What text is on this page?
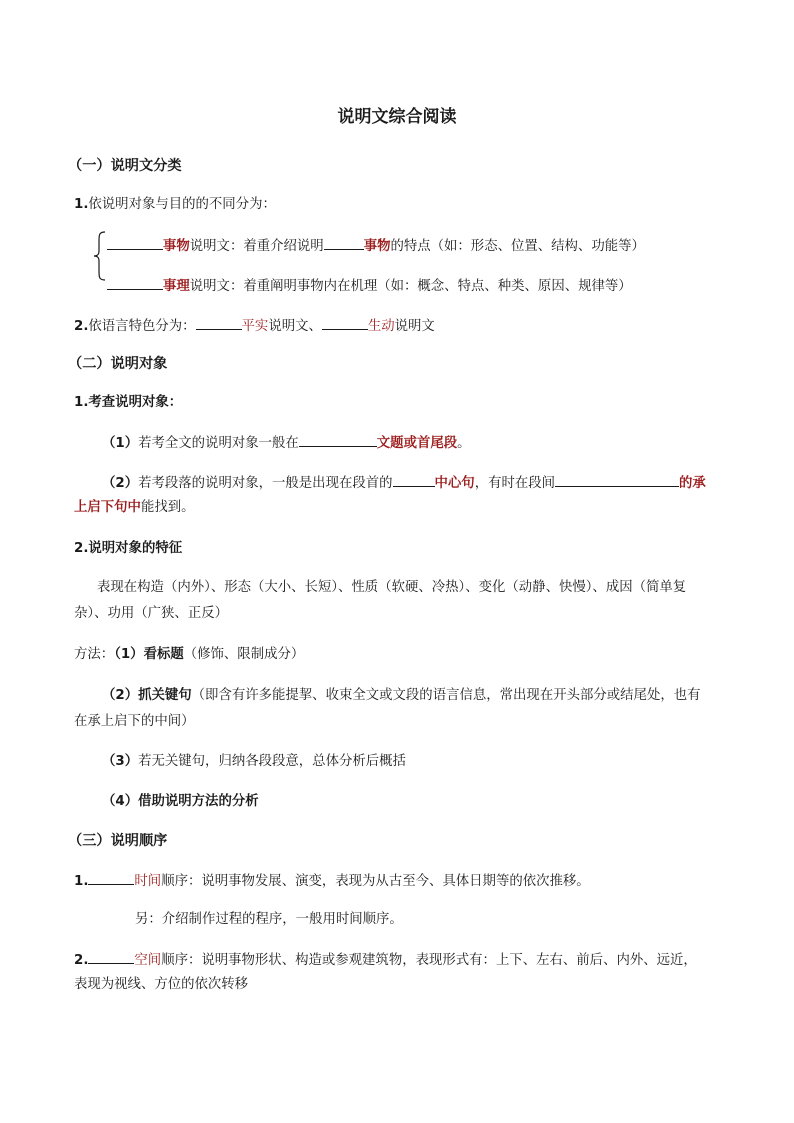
说明文综合阅读
（一）说明文分类
1.依说明对象与目的的不同分为：
事物说明文：着重介绍说明	事物的特点（如：形态、位置、结构、功能等）
事理说明文：着重阐明事物内在机理（如：概念、特点、种类、原因、规律等）
2.依语言特色分为：	平实说明文、	生动说明文
（二）说明对象
1.考查说明对象：
（1）若考全文的说明对象一般在	文题或首尾段。
（2）若考段落的说明对象，一般是出现在段首的	中心句，有时在段间	的承
上启下句中能找到。
2.说明对象的特征
表现在构造（内外）、形态（大小、长短）、性质（软硬、冷热）、变化（动静、快慢）、成因（简单复
杂）、功用（广狭、正反）
方法：（1）看标题（修饰、限制成分）
（2）抓关键句（即含有许多能提挈、收束全文或文段的语言信息，常出现在开头部分或结尾处，也有
在承上启下的中间）
（3）若无关键句，归纳各段段意，总体分析后概括
（4）借助说明方法的分析
（三）说明顺序
1.	时间顺序：说明事物发展、演变，表现为从古至今、具体日期等的依次推移。
另：介绍制作过程的程序，一般用时间顺序。
2.	空间顺序：说明事物形状、构造或参观建筑物，表现形式有：上下、左右、前后、内外、远近，
表现为视线、方位的依次转移
